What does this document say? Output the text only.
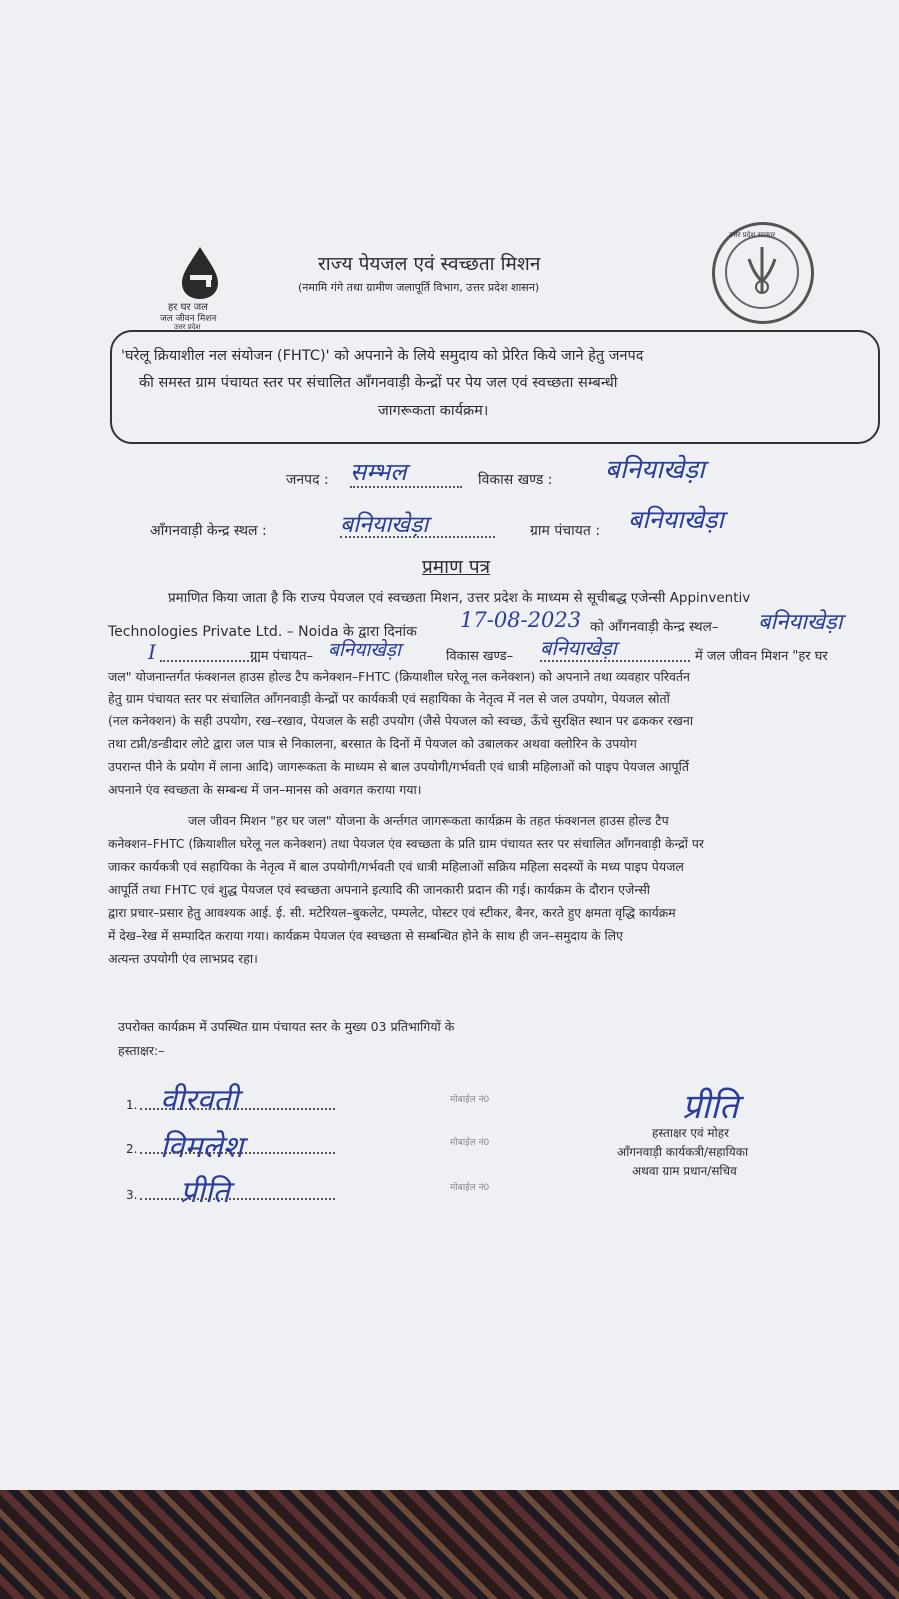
हर घर जल
जल जीवन मिशन
उत्तर प्रदेश
राज्य पेयजल एवं स्वच्छता मिशन
(नमामि गंगे तथा ग्रामीण जलापूर्ति विभाग, उत्तर प्रदेश शासन)
उत्तर प्रदेश सरकार
'घरेलू क्रियाशील नल संयोजन (FHTC)' को अपनाने के लिये समुदाय को प्रेरित किये जाने हेतु जनपद
की समस्त ग्राम पंचायत स्तर पर संचालित आँगनवाड़ी केन्द्रों पर पेय जल एवं स्वच्छता सम्बन्धी
जागरूकता कार्यक्रम।
जनपद : सम्भल	विकास खण्ड : बनियाखेड़ा
आँगनवाड़ी केन्द्र स्थल :	बनियाखेड़ा	ग्राम पंचायत : बनियाखेड़ा
प्रमाण पत्र
प्रमाणित किया जाता है कि राज्य पेयजल एवं स्वच्छता मिशन, उत्तर प्रदेश के माध्यम से सूचीबद्ध एजेन्सी Appinventiv
Technologies Private Ltd. – Noida के द्वारा दिनांक 17-08-2023 को आँगनवाड़ी केन्द्र स्थल– बनियाखेड़ा
I	ग्राम पंचायत– बनियाखेड़ा	विकास खण्ड– बनियाखेड़ा	में जल जीवन मिशन "हर घर
जल" योजनान्तर्गत फंक्शनल हाउस होल्ड टैप कनेक्शन–FHTC (क्रियाशील घरेलू नल कनेक्शन) को अपनाने तथा व्यवहार परिवर्तन
हेतु ग्राम पंचायत स्तर पर संचालित आँगनवाड़ी केन्द्रों पर कार्यकत्री एवं सहायिका के नेतृत्व में नल से जल उपयोग, पेयजल स्रोतों
(नल कनेक्शन) के सही उपयोग, रख–रखाव, पेयजल के सही उपयोग (जैसे पेयजल को स्वच्छ, ऊँचे सुरक्षित स्थान पर ढककर रखना
तथा टप्नी/डन्डीदार लोटे द्वारा जल पात्र से निकालना, बरसात के दिनों में पेयजल को उबालकर अथवा क्लोरिन के उपयोग
उपरान्त पीने के प्रयोग में लाना आदि) जागरूकता के माध्यम से बाल उपयोगी/गर्भवती एवं धात्री महिलाओं को पाइप पेयजल आपूर्ति
अपनाने एंव स्वच्छता के सम्बन्ध में जन–मानस को अवगत कराया गया।
जल जीवन मिशन "हर घर जल" योजना के अर्न्तगत जागरूकता कार्यक्रम के तहत फंक्शनल हाउस होल्ड टैप
कनेक्शन–FHTC (क्रियाशील घरेलू नल कनेक्शन) तथा पेयजल एंव स्वच्छता के प्रति ग्राम पंचायत स्तर पर संचालित आँगनवाड़ी केन्द्रों पर
जाकर कार्यकत्री एवं सहायिका के नेतृत्व में बाल उपयोगी/गर्भवती एवं धात्री महिलाओं सक्रिय महिला सदस्यों के मध्य पाइप पेयजल
आपूर्ति तथा FHTC एवं शुद्ध पेयजल एवं स्वच्छता अपनाने इत्यादि की जानकारी प्रदान की गई। कार्यक्रम के दौरान एजेन्सी
द्वारा प्रचार–प्रसार हेतु आवश्यक आई. ई. सी. मटेरियल–बुकलेट, पम्पलेट, पोस्टर एवं स्टीकर, बैनर, करते हुए क्षमता वृद्धि कार्यक्रम
में देख–रेख में सम्पादित कराया गया। कार्यक्रम पेयजल एंव स्वच्छता से सम्बन्धित होने के साथ ही जन–समुदाय के लिए
अत्यन्त उपयोगी एंव लाभप्रद रहा।
उपरोक्त कार्यक्रम में उपस्थित ग्राम पंचायत स्तर के मुख्य 03 प्रतिभागियों के
हस्ताक्षर:–
1. वीरवती	मोबाईल नं0
2. विमलेश	मोबाईल नं0
3. प्रीति	मोबाईल नं0
प्रीति
हस्ताक्षर एवं मोहर
आँगनवाड़ी कार्यकत्री/सहायिका
अथवा ग्राम प्रधान/सचिव
